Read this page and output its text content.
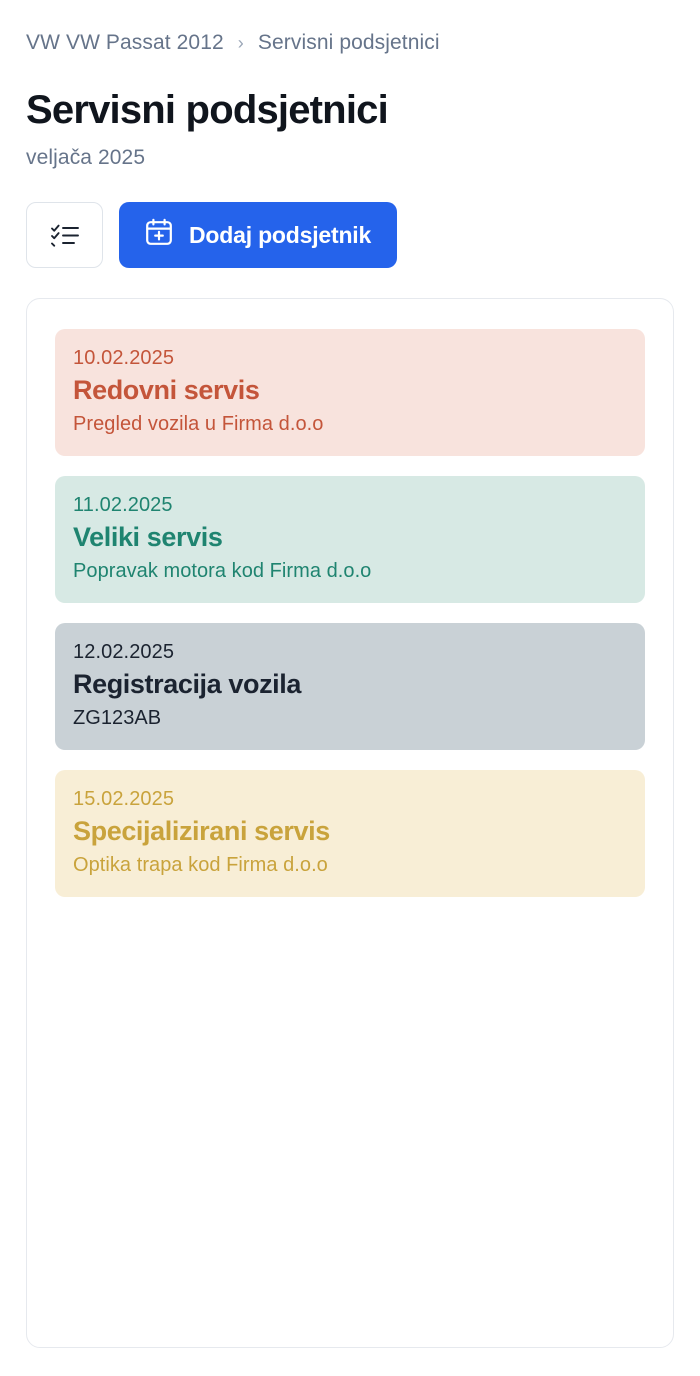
VW VW Passat 2012 › Servisni podsjetnici
Servisni podsjetnici
veljača 2025
Dodaj podsjetnik
10.02.2025
Redovni servis
Pregled vozila u Firma d.o.o
11.02.2025
Veliki servis
Popravak motora kod Firma d.o.o
12.02.2025
Registracija vozila
ZG123AB
15.02.2025
Specijalizirani servis
Optika trapa kod Firma d.o.o
